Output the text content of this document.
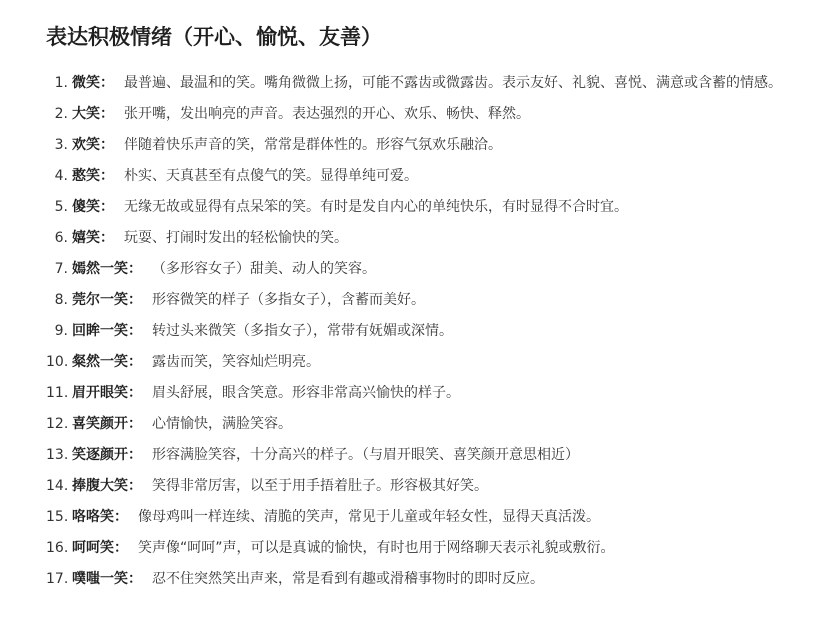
表达积极情绪（开心、愉悦、友善）
1. 微笑： 最普遍、最温和的笑。嘴角微微上扬，可能不露齿或微露齿。表示友好、礼貌、喜悦、满意或含蓄的情感。
2. 大笑： 张开嘴，发出响亮的声音。表达强烈的开心、欢乐、畅快、释然。
3. 欢笑： 伴随着快乐声音的笑，常常是群体性的。形容气氛欢乐融洽。
4. 憨笑： 朴实、天真甚至有点傻气的笑。显得单纯可爱。
5. 傻笑： 无缘无故或显得有点呆笨的笑。有时是发自内心的单纯快乐，有时显得不合时宜。
6. 嬉笑： 玩耍、打闹时发出的轻松愉快的笑。
7. 嫣然一笑： （多形容女子）甜美、动人的笑容。
8. 莞尔一笑： 形容微笑的样子（多指女子），含蓄而美好。
9. 回眸一笑： 转过头来微笑（多指女子），常带有妩媚或深情。
10. 粲然一笑： 露齿而笑，笑容灿烂明亮。
11. 眉开眼笑： 眉头舒展，眼含笑意。形容非常高兴愉快的样子。
12. 喜笑颜开： 心情愉快，满脸笑容。
13. 笑逐颜开： 形容满脸笑容，十分高兴的样子。（与眉开眼笑、喜笑颜开意思相近）
14. 捧腹大笑： 笑得非常厉害，以至于用手捂着肚子。形容极其好笑。
15. 咯咯笑： 像母鸡叫一样连续、清脆的笑声，常见于儿童或年轻女性，显得天真活泼。
16. 呵呵笑： 笑声像“呵呵”声，可以是真诚的愉快，有时也用于网络聊天表示礼貌或敷衍。
17. 噗嗤一笑： 忍不住突然笑出声来，常是看到有趣或滑稽事物时的即时反应。
